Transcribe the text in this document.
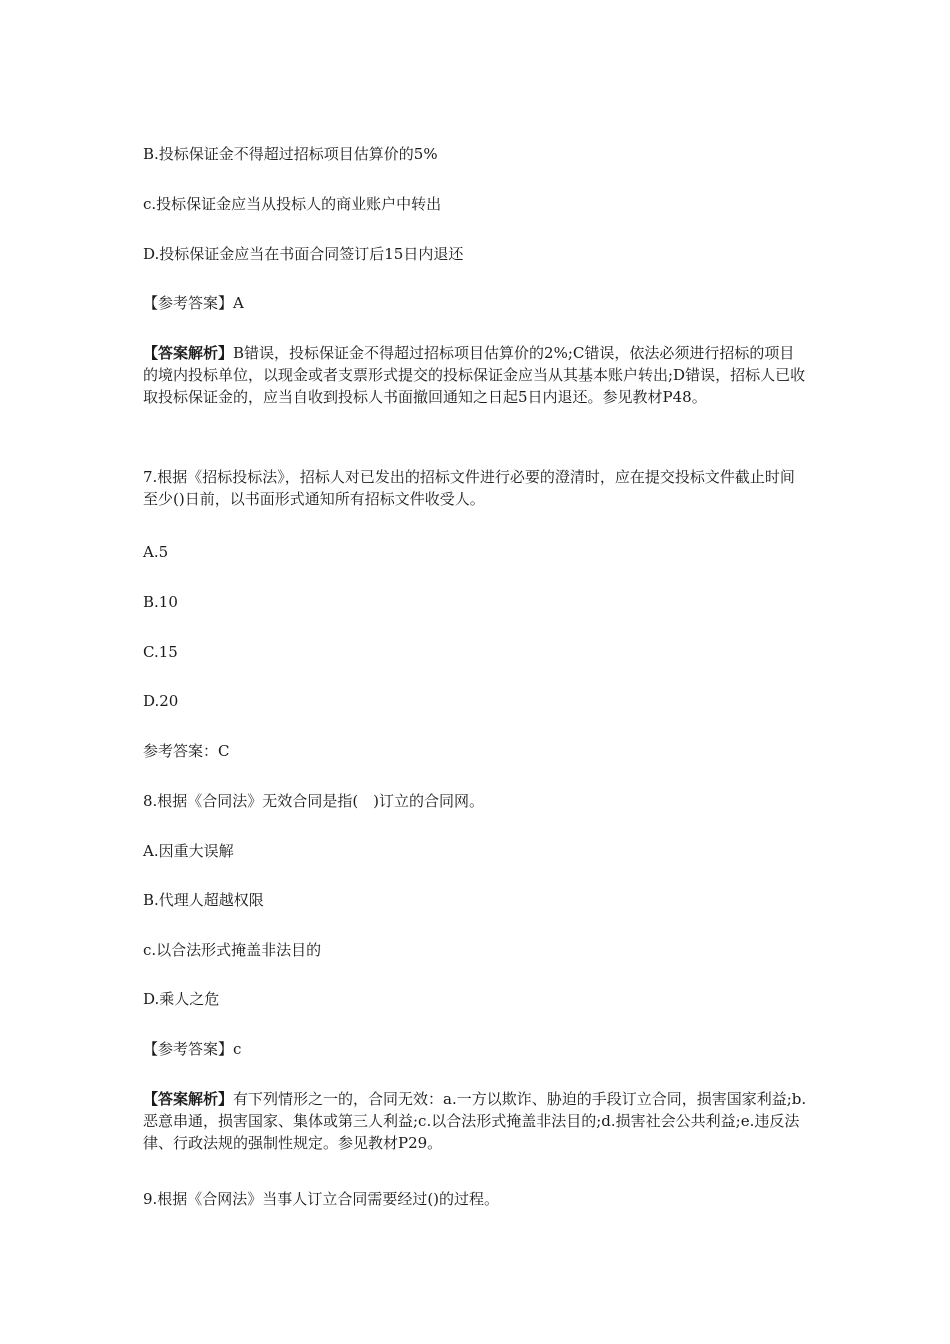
B.投标保证金不得超过招标项目估算价的5%

c.投标保证金应当从投标人的商业账户中转出

D.投标保证金应当在书面合同签订后15日内退还

【参考答案】A

【答案解析】B错误，投标保证金不得超过招标项目估算价的2%;C错误，依法必须进行招标的项目的境内投标单位，以现金或者支票形式提交的投标保证金应当从其基本账户转出;D错误，招标人已收取投标保证金的，应当自收到投标人书面撤回通知之日起5日内退还。参见教材P48。

7.根据《招标投标法》，招标人对已发出的招标文件进行必要的澄清时，应在提交投标文件截止时间至少()日前，以书面形式通知所有招标文件收受人。

A.5

B.10

C.15

D.20

参考答案：C

8.根据《合同法》无效合同是指(　)订立的合同网。

A.因重大误解

B.代理人超越权限

c.以合法形式掩盖非法目的

D.乘人之危

【参考答案】c

【答案解析】有下列情形之一的，合同无效：a.一方以欺诈、胁迫的手段订立合同，损害国家利益;b.恶意串通，损害国家、集体或第三人利益;c.以合法形式掩盖非法目的;d.损害社会公共利益;e.违反法律、行政法规的强制性规定。参见教材P29。

9.根据《合网法》当事人订立合同需要经过()的过程。
